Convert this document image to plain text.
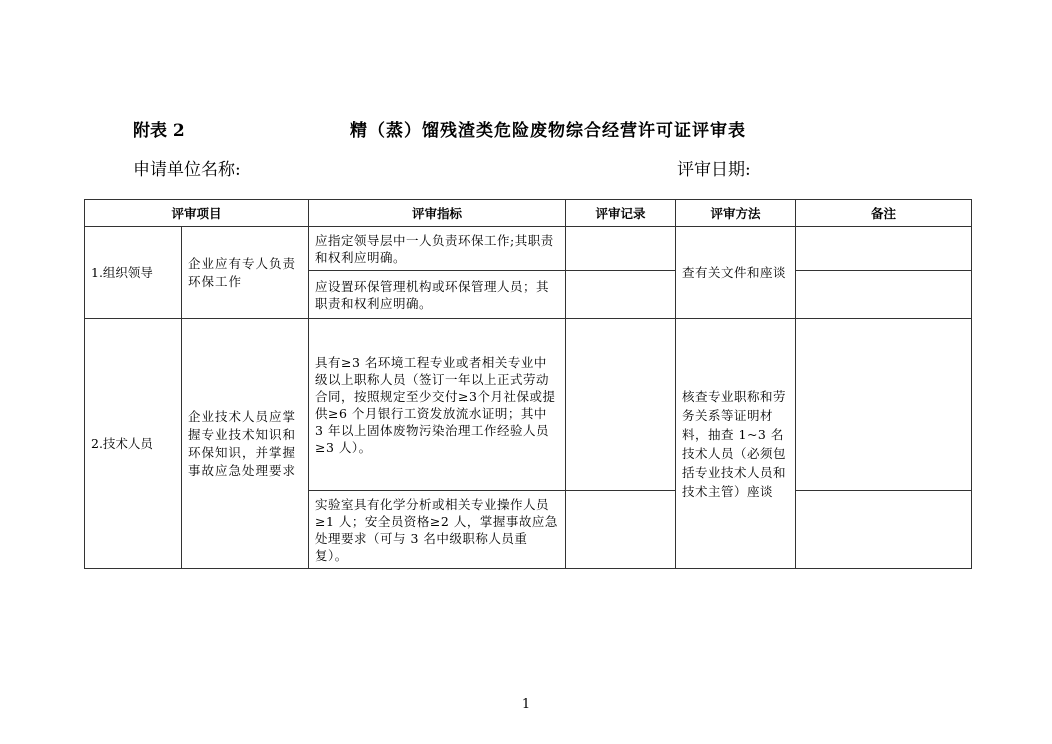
附表 2	精（蒸）馏残渣类危险废物综合经营许可证评审表
申请单位名称:	评审日期:
评审项目		评审指标	评审记录	评审方法	备注
1.组织领导	企业应有专人负责环保工作	应指定领导层中一人负责环保工作;其职责和权利应明确。		查有关文件和座谈	
		应设置环保管理机构或环保管理人员；其职责和权利应明确。			
2.技术人员	企业技术人员应掌握专业技术知识和环保知识，并掌握事故应急处理要求	具有≥3 名环境工程专业或者相关专业中级以上职称人员（签订一年以上正式劳动合同，按照规定至少交付≥3个月社保或提供≥6 个月银行工资发放流水证明；其中 3 年以上固体废物污染治理工作经验人员≥3 人）。		核查专业职称和劳务关系等证明材料，抽查 1~3 名技术人员（必须包括专业技术人员和技术主管）座谈	
		实验室具有化学分析或相关专业操作人员≥1 人；安全员资格≥2 人，掌握事故应急处理要求（可与 3 名中级职称人员重复）。			
1
